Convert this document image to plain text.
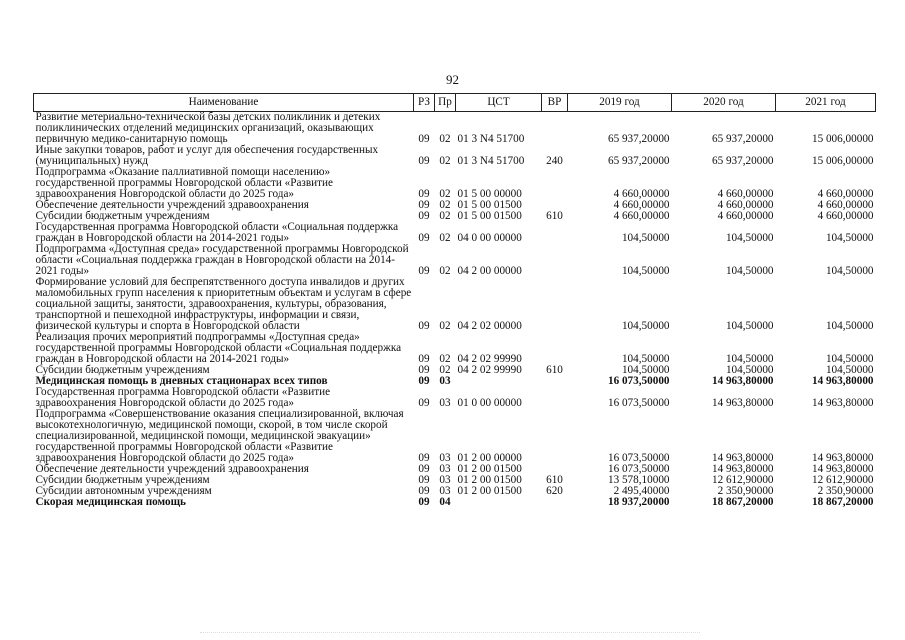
92
Наименование	РЗ	Пр	ЦСТ	ВР	2019 год	2020 год	2021 год
Развитие метериально-технической базы детских поликлиник и детеких поликлинических отделений медицинских организаций, оказывающих первичную медико-санитарную помощь	09	02	01 3 N4 51700		65 937,20000	65 937,20000	15 006,00000
Иные закупки товаров, работ и услуг для обеспечения государственных (муниципальных) нужд	09	02	01 3 N4 51700	240	65 937,20000	65 937,20000	15 006,00000
Подпрограмма «Оказание паллиативной помощи населению» государственной программы Новгородской области «Развитие здравоохранения Новгородской области до 2025 года»	09	02	01 5 00 00000		4 660,00000	4 660,00000	4 660,00000
Обеспечение деятельности учреждений здравоохранения	09	02	01 5 00 01500		4 660,00000	4 660,00000	4 660,00000
Субсидии бюджетным учреждениям	09	02	01 5 00 01500	610	4 660,00000	4 660,00000	4 660,00000
Государственная программа Новгородской области «Социальная поддержка граждан в Новгородской области на 2014-2021 годы»	09	02	04 0 00 00000		104,50000	104,50000	104,50000
Подпрограмма «Доступная среда» государственной программы Новгородской области «Социальная поддержка граждан в Новгородской области на 2014-2021 годы»	09	02	04 2 00 00000		104,50000	104,50000	104,50000
Формирование условий для беспрепятственного доступа инвалидов и других маломобильных групп населения к приоритетным объектам и услугам в сфере социальной защиты, занятости, здравоохранения, культуры, образования, транспортной и пешеходной инфраструктуры, информации и связи, физической культуры и спорта в Новгородской области	09	02	04 2 02 00000		104,50000	104,50000	104,50000
Реализация прочих мероприятий подпрограммы «Доступная среда» государственной программы Новгородской области «Социальная поддержка граждан в Новгородской области на 2014-2021 годы»	09	02	04 2 02 99990		104,50000	104,50000	104,50000
Субсидии бюджетным учреждениям	09	02	04 2 02 99990	610	104,50000	104,50000	104,50000
Медицинская помощь в дневных стационарах всех типов	09	03			16 073,50000	14 963,80000	14 963,80000
Государственная программа Новгородской области «Развитие здравоохранения Новгородской области до 2025 года»	09	03	01 0 00 00000		16 073,50000	14 963,80000	14 963,80000
Подпрограмма «Совершенствование оказания специализированной, включая высокотехнологичную, медицинской помощи, скорой, в том числе скорой специализированной, медицинской помощи, медицинской эвакуации» государственной программы Новгородской области «Развитие здравоохранения Новгородской области до 2025 года»	09	03	01 2 00 00000		16 073,50000	14 963,80000	14 963,80000
Обеспечение деятельности учреждений здравоохранения	09	03	01 2 00 01500		16 073,50000	14 963,80000	14 963,80000
Субсидии бюджетным учреждениям	09	03	01 2 00 01500	610	13 578,10000	12 612,90000	12 612,90000
Субсидии автономным учреждениям	09	03	01 2 00 01500	620	2 495,40000	2 350,90000	2 350,90000
Скорая медицинская помощь	09	04			18 937,20000	18 867,20000	18 867,20000
